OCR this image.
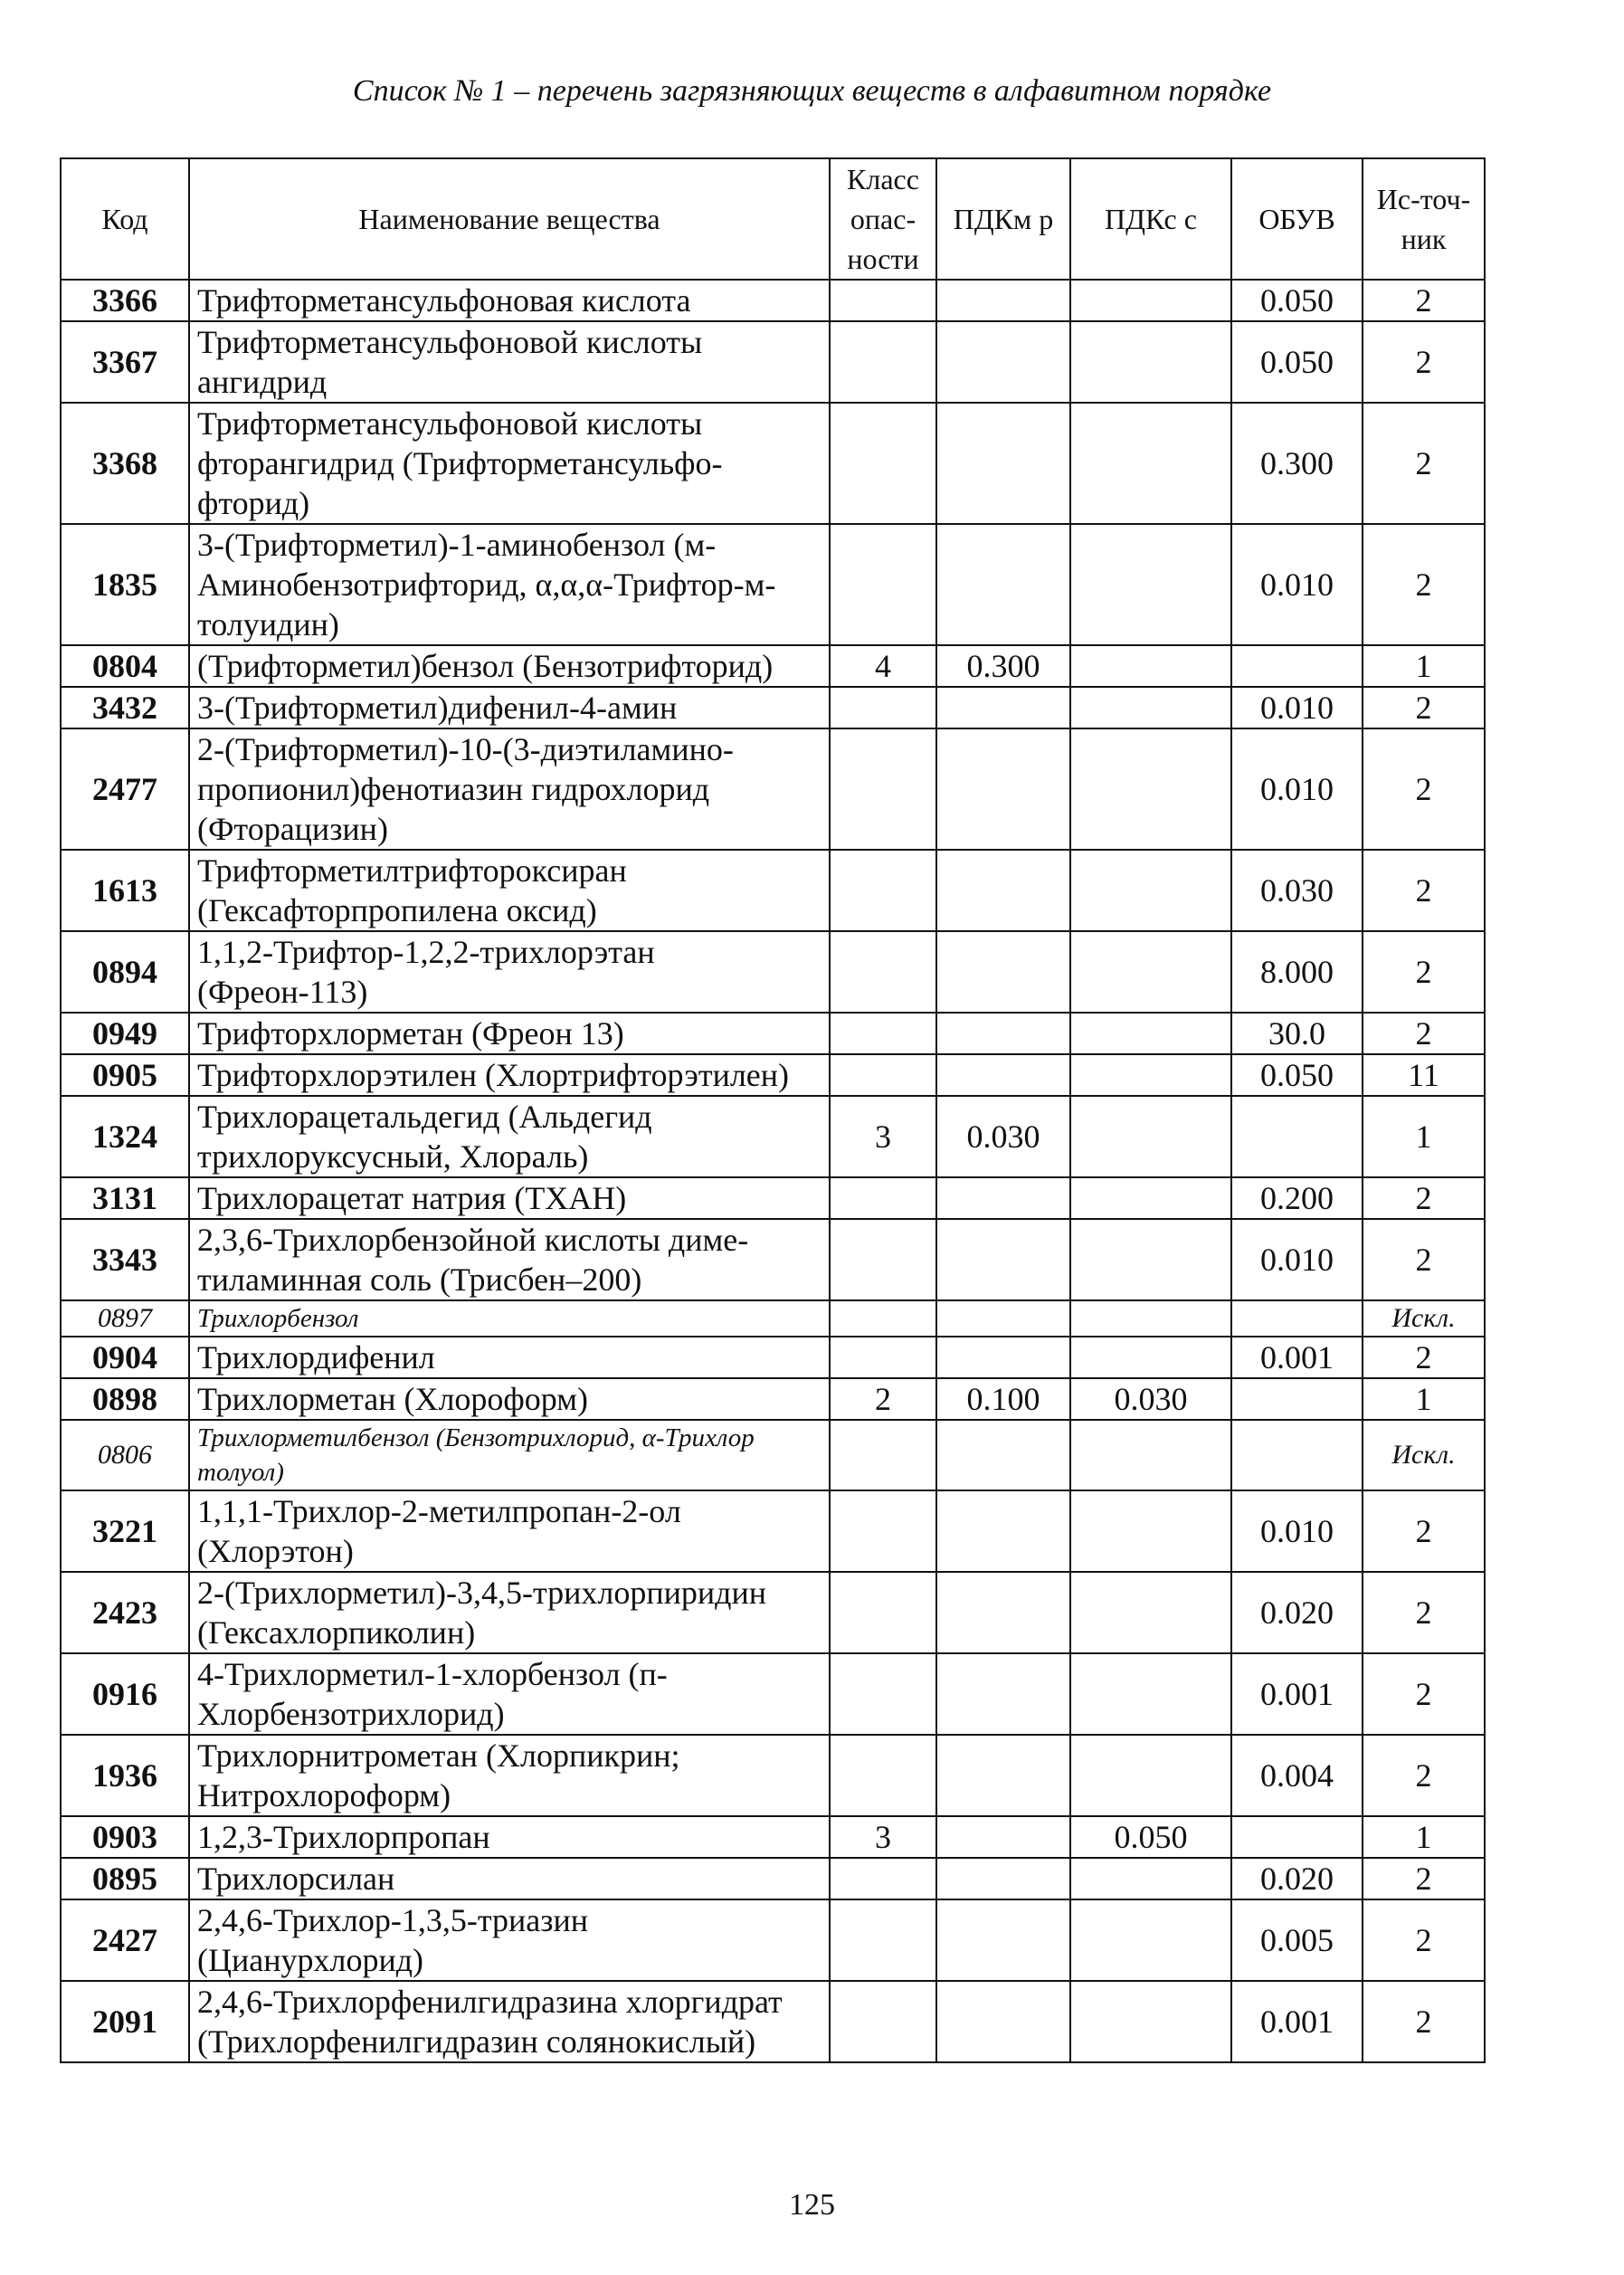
Список № 1 – перечень загрязняющих веществ в алфавитном порядке
Код	Наименование вещества	Класс опас-ности	ПДКм р	ПДКс с	ОБУВ	Ис-точ-ник
3366	Трифторметансульфоновая кислота				0.050	2
3367	Трифторметансульфоновой кислоты ангидрид				0.050	2
3368	Трифторметансульфоновой кислоты фторангидрид (Трифторметансульфо-фторид)				0.300	2
1835	3-(Трифторметил)-1-аминобензол (м-Аминобензотрифторид, α,α,α-Трифтор-м-толуидин)				0.010	2
0804	(Трифторметил)бензол (Бензотрифторид)	4	0.300			1
3432	3-(Трифторметил)дифенил-4-амин				0.010	2
2477	2-(Трифторметил)-10-(3-диэтиламино-пропионил)фенотиазин гидрохлорид (Фторацизин)				0.010	2
1613	Трифторметилтрифтороксиран (Гексафторпропилена оксид)				0.030	2
0894	1,1,2-Трифтор-1,2,2-трихлорэтан (Фреон-113)				8.000	2
0949	Трифторхлорметан (Фреон 13)				30.0	2
0905	Трифторхлорэтилен (Хлортрифторэтилен)				0.050	11
1324	Трихлорацетальдегид (Альдегид трихлоруксусный, Хлораль)	3	0.030			1
3131	Трихлорацетат натрия (ТХАН)				0.200	2
3343	2,3,6-Трихлорбензойной кислоты диме-тиламинная соль (Трисбен–200)				0.010	2
0897	Трихлорбензол					Искл.
0904	Трихлордифенил				0.001	2
0898	Трихлорметан (Хлороформ)	2	0.100	0.030		1
0806	Трихлорметилбензол (Бензотрихлорид, α-Трихлор толуол)					Искл.
3221	1,1,1-Трихлор-2-метилпропан-2-ол (Хлорэтон)				0.010	2
2423	2-(Трихлорметил)-3,4,5-трихлорпиридин (Гексахлорпиколин)				0.020	2
0916	4-Трихлорметил-1-хлорбензол (п-Хлорбензотрихлорид)				0.001	2
1936	Трихлорнитрометан (Хлорпикрин; Нитрохлороформ)				0.004	2
0903	1,2,3-Трихлорпропан	3		0.050		1
0895	Трихлорсилан				0.020	2
2427	2,4,6-Трихлор-1,3,5-триазин (Цианурхлорид)				0.005	2
2091	2,4,6-Трихлорфенилгидразина хлоргидрат (Трихлорфенилгидразин солянокислый)				0.001	2
125
